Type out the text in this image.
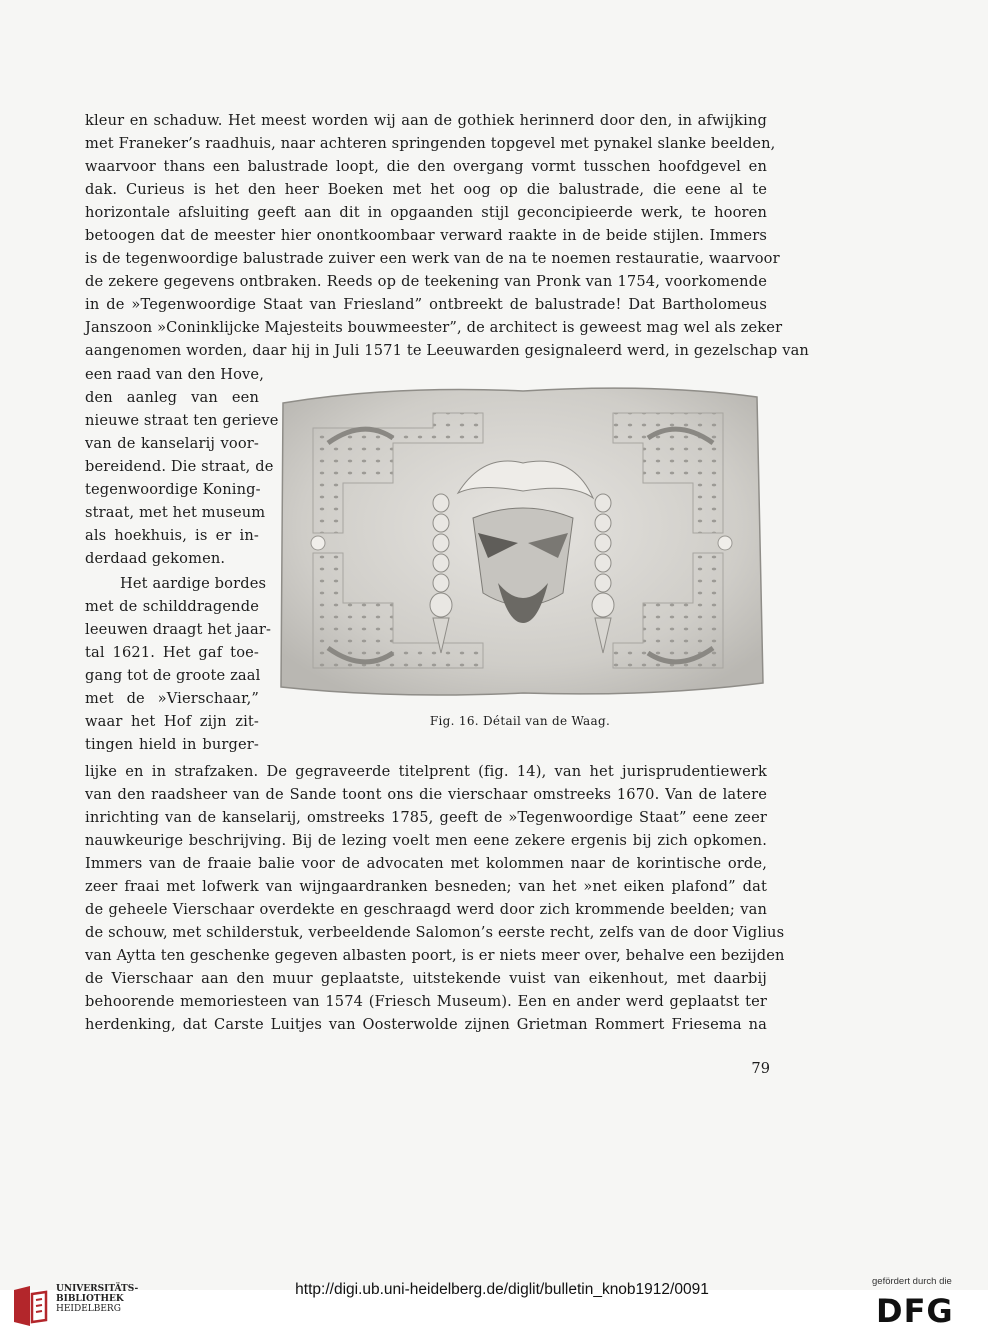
kleur en schaduw. Het meest worden wij aan de gothiek herinnerd door den, in afwijking
met Franeker’s raadhuis, naar achteren springenden topgevel met pynakel slanke beelden,
waarvoor thans een balustrade loopt, die den overgang vormt tusschen hoofdgevel en
dak. Curieus is het den heer Boeken met het oog op die balustrade, die eene al te
horizontale afsluiting geeft aan dit in opgaanden stijl geconcipieerde werk, te hooren
betoogen dat de meester hier onontkoombaar verward raakte in de beide stijlen. Immers
is de tegenwoordige balustrade zuiver een werk van de na te noemen restauratie, waarvoor
de zekere gegevens ontbraken. Reeds op de teekening van Pronk van 1754, voorkomende
in de »Tegenwoordige Staat van Friesland” ontbreekt de balustrade! Dat Bartholomeus
Janszoon »Coninklijcke Majesteits bouwmeester”, de architect is geweest mag wel als zeker
aangenomen worden, daar hij in Juli 1571 te Leeuwarden gesignaleerd werd, in gezelschap van
een raad van den Hove,
den aanleg van een
nieuwe straat ten gerieve
van de kanselarij voor-
bereidend. Die straat, de
tegenwoordige Koning-
straat, met het museum
als hoekhuis, is er in-
derdaad gekomen.
Het aardige bordes
met de schilddragende
leeuwen draagt het jaar-
tal 1621. Het gaf toe-
gang tot de groote zaal
met de »Vierschaar,”
waar het Hof zijn zit-
tingen hield in burger-
Fig. 16. Détail van de Waag.
lijke en in strafzaken. De gegraveerde titelprent (fig. 14), van het jurisprudentiewerk
van den raadsheer van de Sande toont ons die vierschaar omstreeks 1670. Van de latere
inrichting van de kanselarij, omstreeks 1785, geeft de »Tegenwoordige Staat” eene zeer
nauwkeurige beschrijving. Bij de lezing voelt men eene zekere ergenis bij zich opkomen.
Immers van de fraaie balie voor de advocaten met kolommen naar de korintische orde,
zeer fraai met lofwerk van wijngaardranken besneden; van het »net eiken plafond” dat
de geheele Vierschaar overdekte en geschraagd werd door zich krommende beelden; van
de schouw, met schilderstuk, verbeeldende Salomon’s eerste recht, zelfs van de door Viglius
van Aytta ten geschenke gegeven albasten poort, is er niets meer over, behalve een bezijden
de Vierschaar aan den muur geplaatste, uitstekende vuist van eikenhout, met daarbij
behoorende memoriesteen van 1574 (Friesch Museum). Een en ander werd geplaatst ter
herdenking, dat Carste Luitjes van Oosterwolde zijnen Grietman Rommert Friesema na
79
UNIVERSITÄTS-
BIBLIOTHEK
HEIDELBERG
http://digi.ub.uni-heidelberg.de/diglit/bulletin_knob1912/0091	gefördert durch die
DFG
